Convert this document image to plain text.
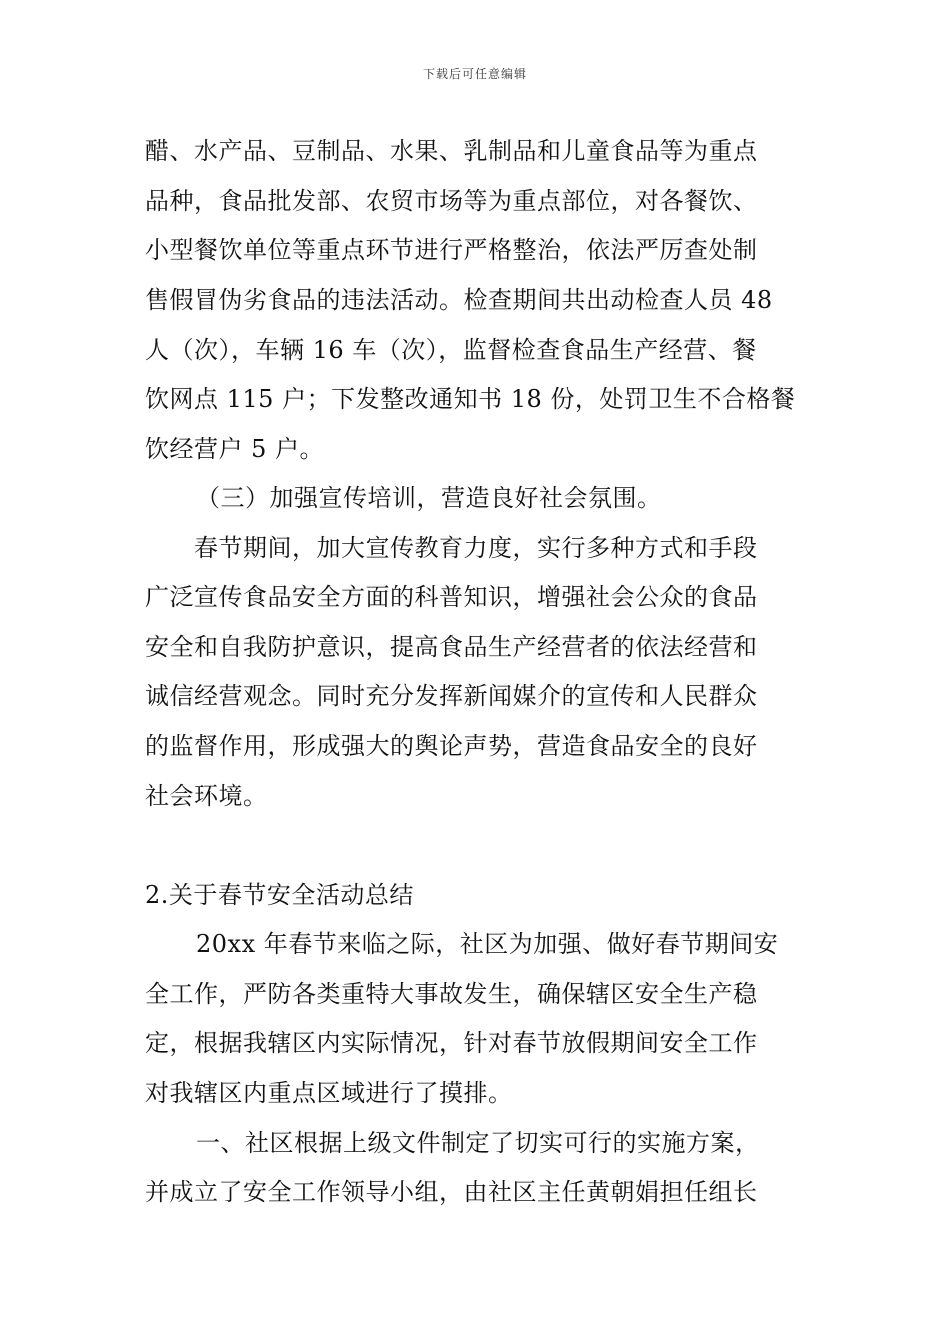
下载后可任意编辑
醋、水产品、豆制品、水果、乳制品和儿童食品等为重点
品种，食品批发部、农贸市场等为重点部位，对各餐饮、
小型餐饮单位等重点环节进行严格整治，依法严厉查处制
售假冒伪劣食品的违法活动。检查期间共出动检查人员 48
人（次），车辆 16 车（次），监督检查食品生产经营、餐
饮网点 115 户；下发整改通知书 18 份，处罚卫生不合格餐
饮经营户 5 户。
（三）加强宣传培训，营造良好社会氛围。
春节期间，加大宣传教育力度，实行多种方式和手段
广泛宣传食品安全方面的科普知识，增强社会公众的食品
安全和自我防护意识，提高食品生产经营者的依法经营和
诚信经营观念。同时充分发挥新闻媒介的宣传和人民群众
的监督作用，形成强大的舆论声势，营造食品安全的良好
社会环境。
2.关于春节安全活动总结
20xx 年春节来临之际，社区为加强、做好春节期间安
全工作，严防各类重特大事故发生，确保辖区安全生产稳
定，根据我辖区内实际情况，针对春节放假期间安全工作
对我辖区内重点区域进行了摸排。
一、社区根据上级文件制定了切实可行的实施方案，
并成立了安全工作领导小组，由社区主任黄朝娟担任组长
